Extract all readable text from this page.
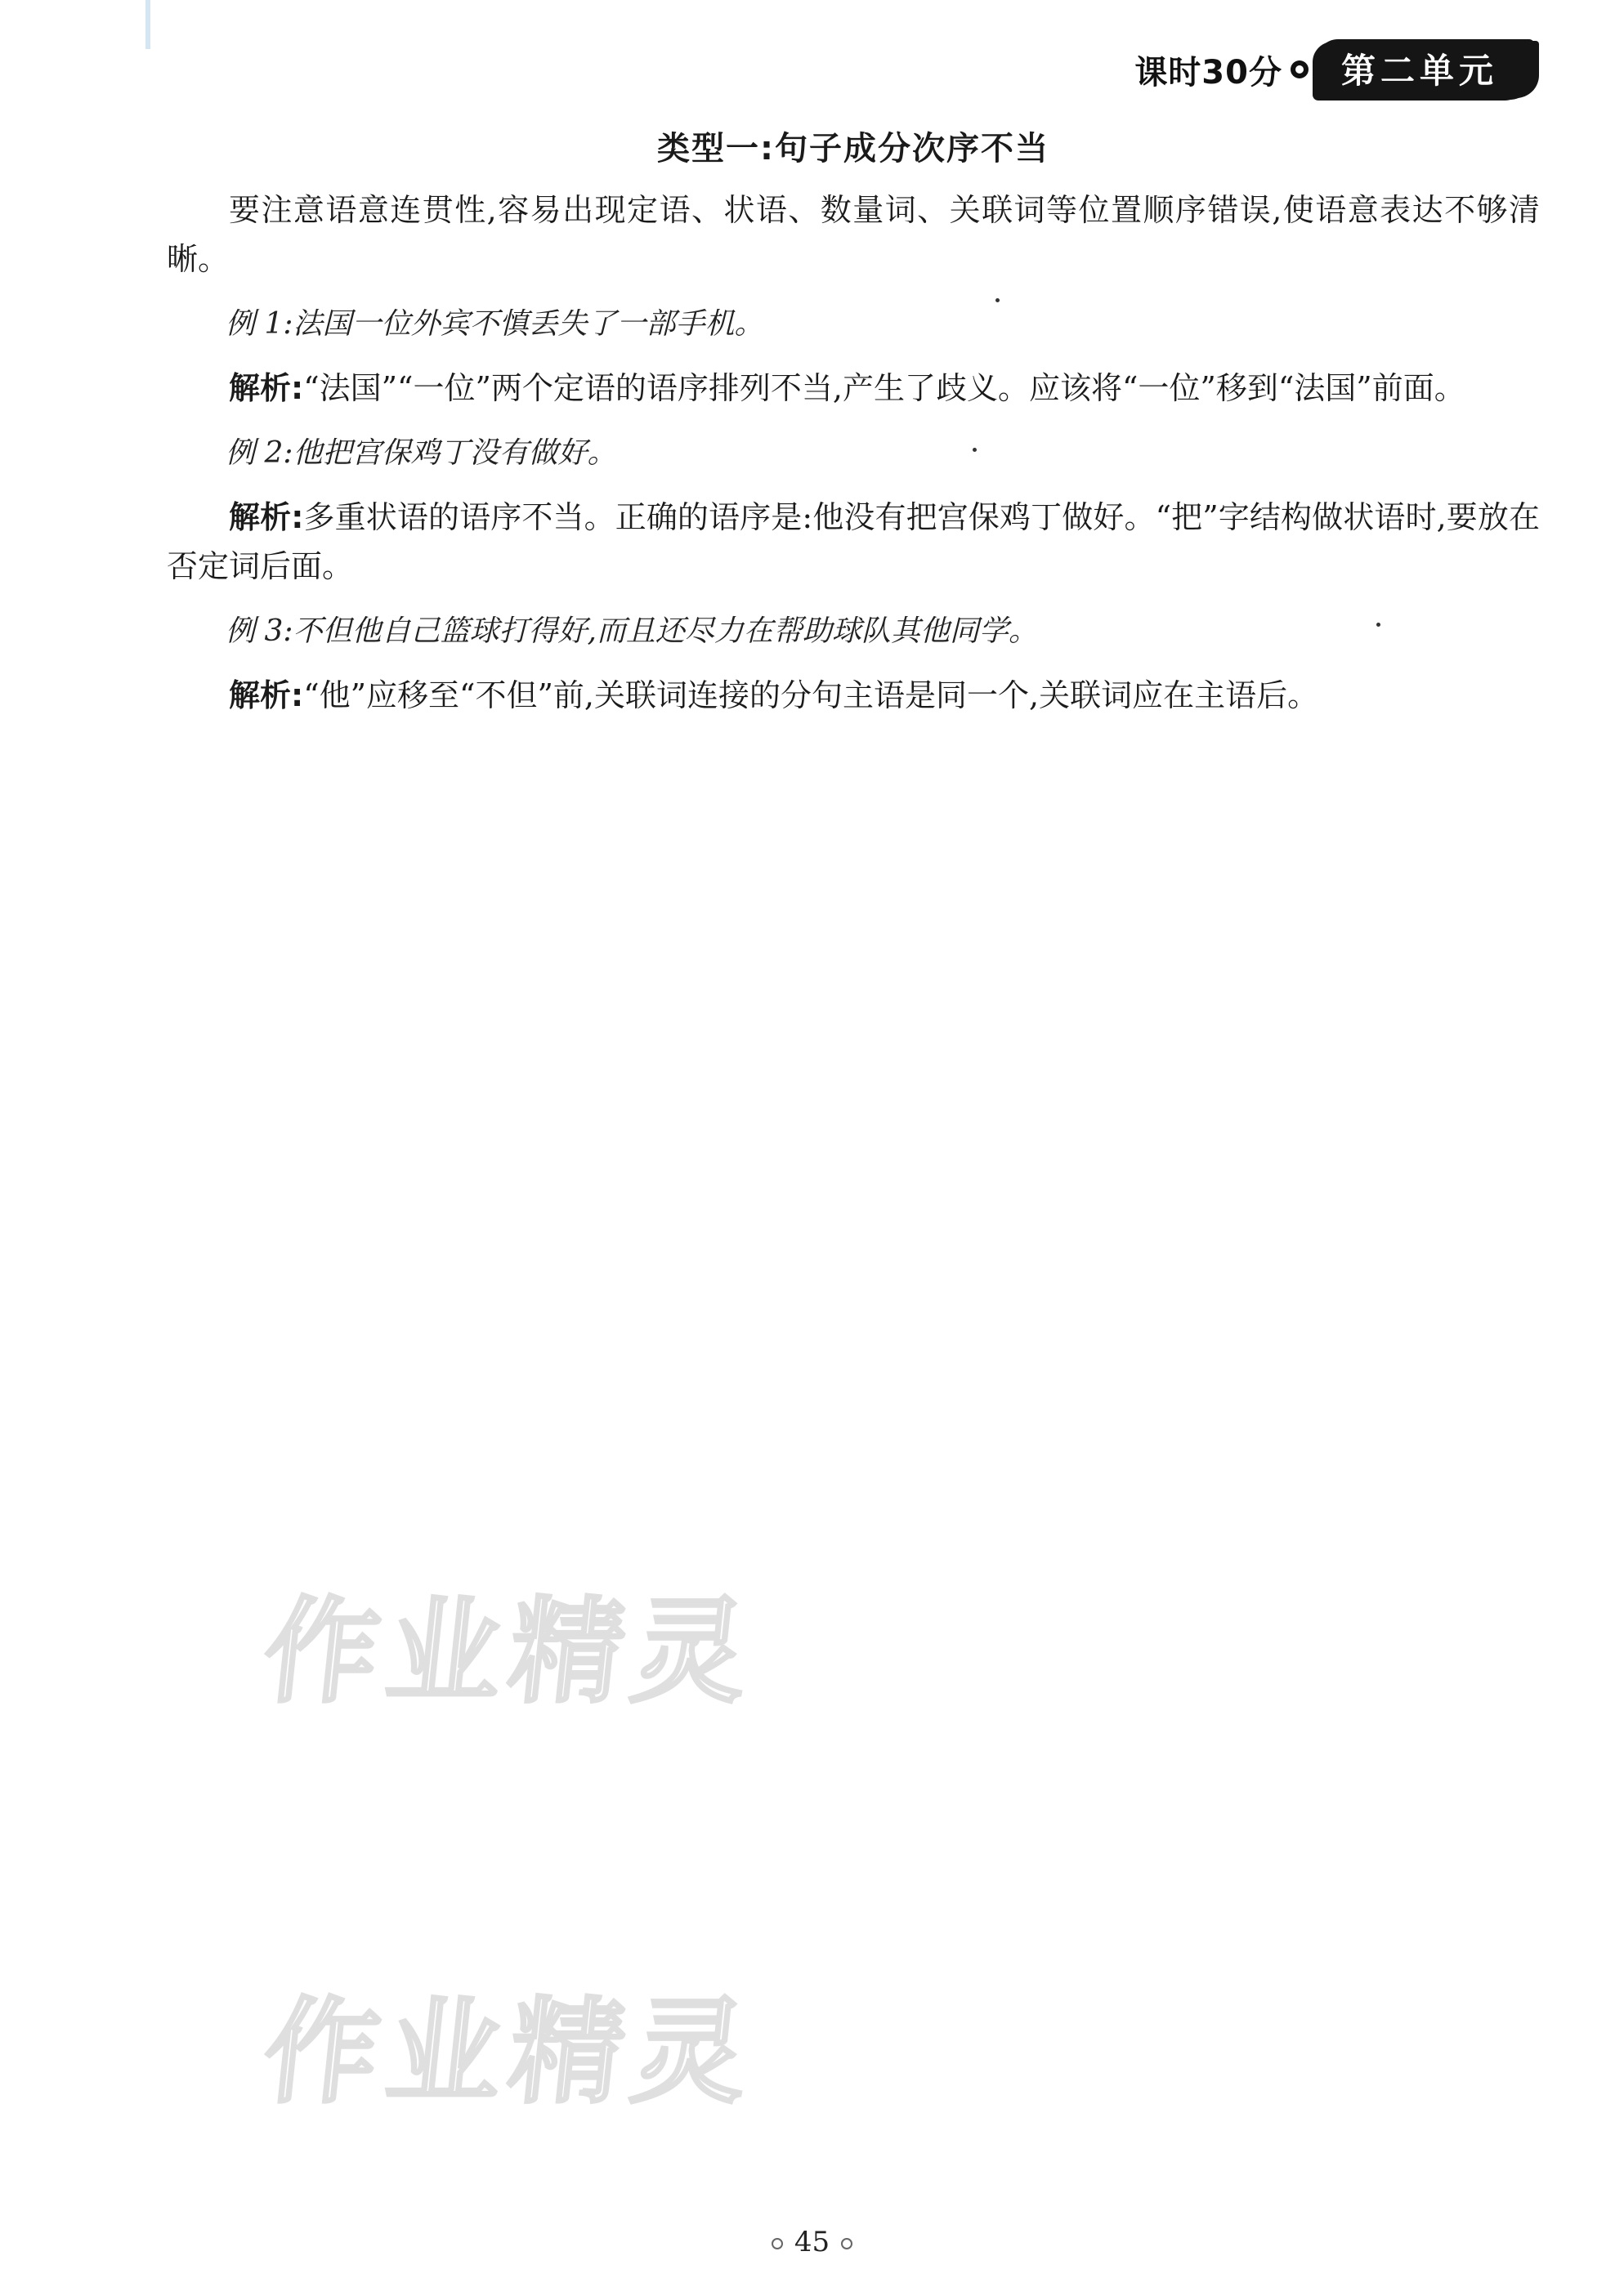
课时30分	第二单元
类型一:句子成分次序不当

要注意语意连贯性,容易出现定语、状语、数量词、关联词等位置顺序错误,使语意表达不够清晰。

例 1:法国一位外宾不慎丢失了一部手机。

解析:“法国”“一位”两个定语的语序排列不当,产生了歧义。应该将“一位”移到“法国”前面。

例 2:他把宫保鸡丁没有做好。

解析:多重状语的语序不当。正确的语序是:他没有把宫保鸡丁做好。“把”字结构做状语时,要放在否定词后面。

例 3:不但他自己篮球打得好,而且还尽力在帮助球队其他同学。

解析:“他”应移至“不但”前,关联词连接的分句主语是同一个,关联词应在主语后。

作业精灵
作业精灵
45
